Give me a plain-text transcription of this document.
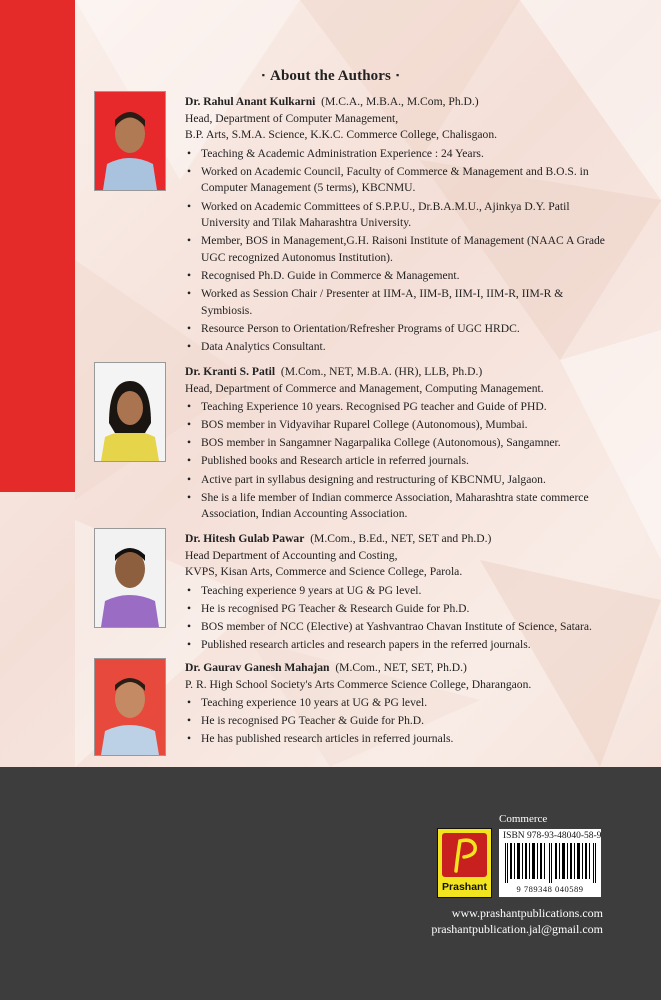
▪ About the Authors ▪
Dr. Rahul Anant Kulkarni (M.C.A., M.B.A., M.Com, Ph.D.)
Head, Department of Computer Management,
B.P. Arts, S.M.A. Science, K.K.C. Commerce College, Chalisgaon.
• Teaching & Academic Administration Experience : 24 Years.
• Worked on Academic Council, Faculty of Commerce & Management and B.O.S. in Computer Management (5 terms), KBCNMU.
• Worked on Academic Committees of S.P.P.U., Dr.B.A.M.U., Ajinkya D.Y. Patil University and Tilak Maharashtra University.
• Member, BOS in Management,G.H. Raisoni Institute of Management (NAAC A Grade UGC recognized Autonomus Institution).
• Recognised Ph.D. Guide in Commerce & Management.
• Worked as Session Chair / Presenter at IIM-A, IIM-B, IIM-I, IIM-R, IIM-R & Symbiosis.
• Resource Person to Orientation/Refresher Programs of UGC HRDC.
• Data Analytics Consultant.
Dr. Kranti S. Patil (M.Com., NET, M.B.A. (HR), LLB, Ph.D.)
Head, Department of Commerce and Management, Computing Management.
• Teaching Experience 10 years. Recognised PG teacher and Guide of PHD.
• BOS member in Vidyavihar Ruparel College (Autonomous), Mumbai.
• BOS member in Sangamner Nagarpalika College (Autonomous), Sangamner.
• Published books and Research article in referred journals.
• Active part in syllabus designing and restructuring of KBCNMU, Jalgaon.
• She is a life member of Indian commerce Association, Maharashtra state commerce Association, Indian Accounting Association.
Dr. Hitesh Gulab Pawar (M.Com., B.Ed., NET, SET and Ph.D.)
Head Department of Accounting and Costing,
KVPS, Kisan Arts, Commerce and Science College, Parola.
• Teaching experience 9 years at UG & PG level.
• He is recognised PG Teacher & Research Guide for Ph.D.
• BOS member of NCC (Elective) at Yashvantrao Chavan Institute of Science, Satara.
• Published research articles and research papers in the referred journals.
Dr. Gaurav Ganesh Mahajan (M.Com., NET, SET, Ph.D.)
P. R. High School Society's Arts Commerce Science College, Dharangaon.
• Teaching experience 10 years at UG & PG level.
• He is recognised PG Teacher & Guide for Ph.D.
• He has published research articles in referred journals.
Commerce
Prashant
ISBN 978-93-48040-58-9
9 789348 040589
www.prashantpublications.com
prashantpublication.jal@gmail.com
